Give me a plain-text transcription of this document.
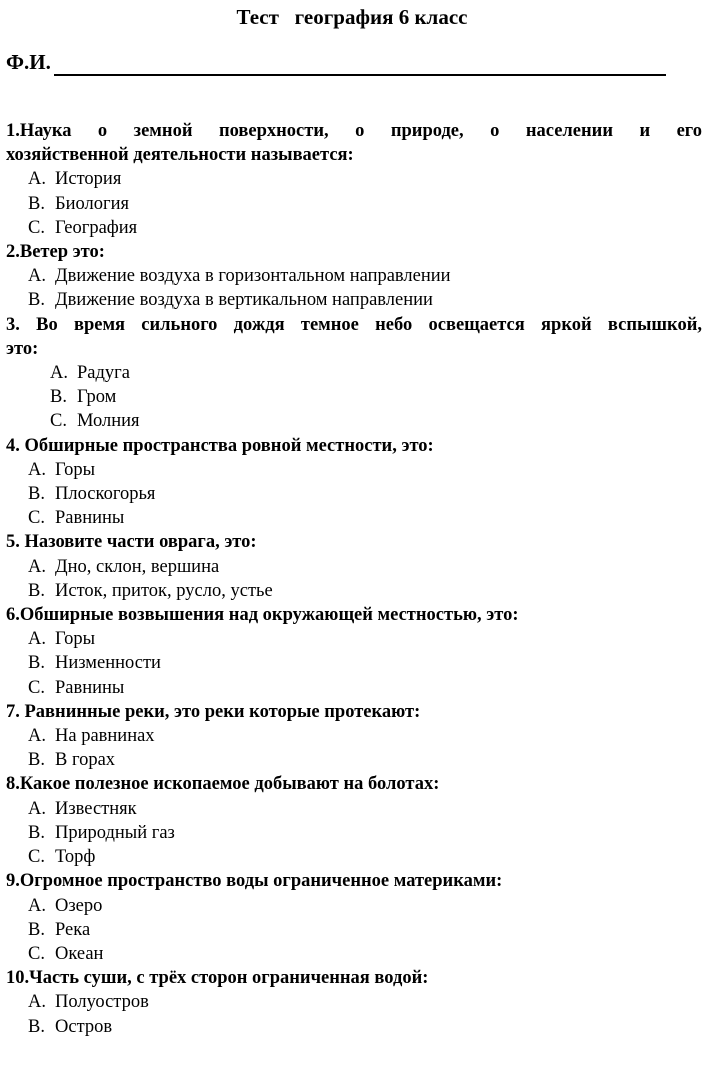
Тест   география 6 класс
Ф.И.
1.Наука о земной поверхности, о природе, о населении и его
хозяйственной деятельности называется:
A. История
B. Биология
C. География
2.Ветер это:
A. Движение воздуха в горизонтальном направлении
B. Движение воздуха в вертикальном направлении
3. Во время сильного дождя темное небо освещается яркой вспышкой,
это:
A. Радуга
B. Гром
C. Молния
4. Обширные пространства ровной местности, это:
A. Горы
B. Плоскогорья
C. Равнины
5. Назовите части оврага, это:
A. Дно, склон, вершина
B. Исток, приток, русло, устье
6.Обширные возвышения над окружающей местностью, это:
A. Горы
B. Низменности
C. Равнины
7. Равнинные реки, это реки которые протекают:
A. На равнинах
B. В горах
8.Какое полезное ископаемое добывают на болотах:
A. Известняк
B. Природный газ
C. Торф
9.Огромное пространство воды ограниченное материками:
A. Озеро
B. Река
C. Океан
10.Часть суши, с трёх сторон ограниченная водой:
A. Полуостров
B. Остров
